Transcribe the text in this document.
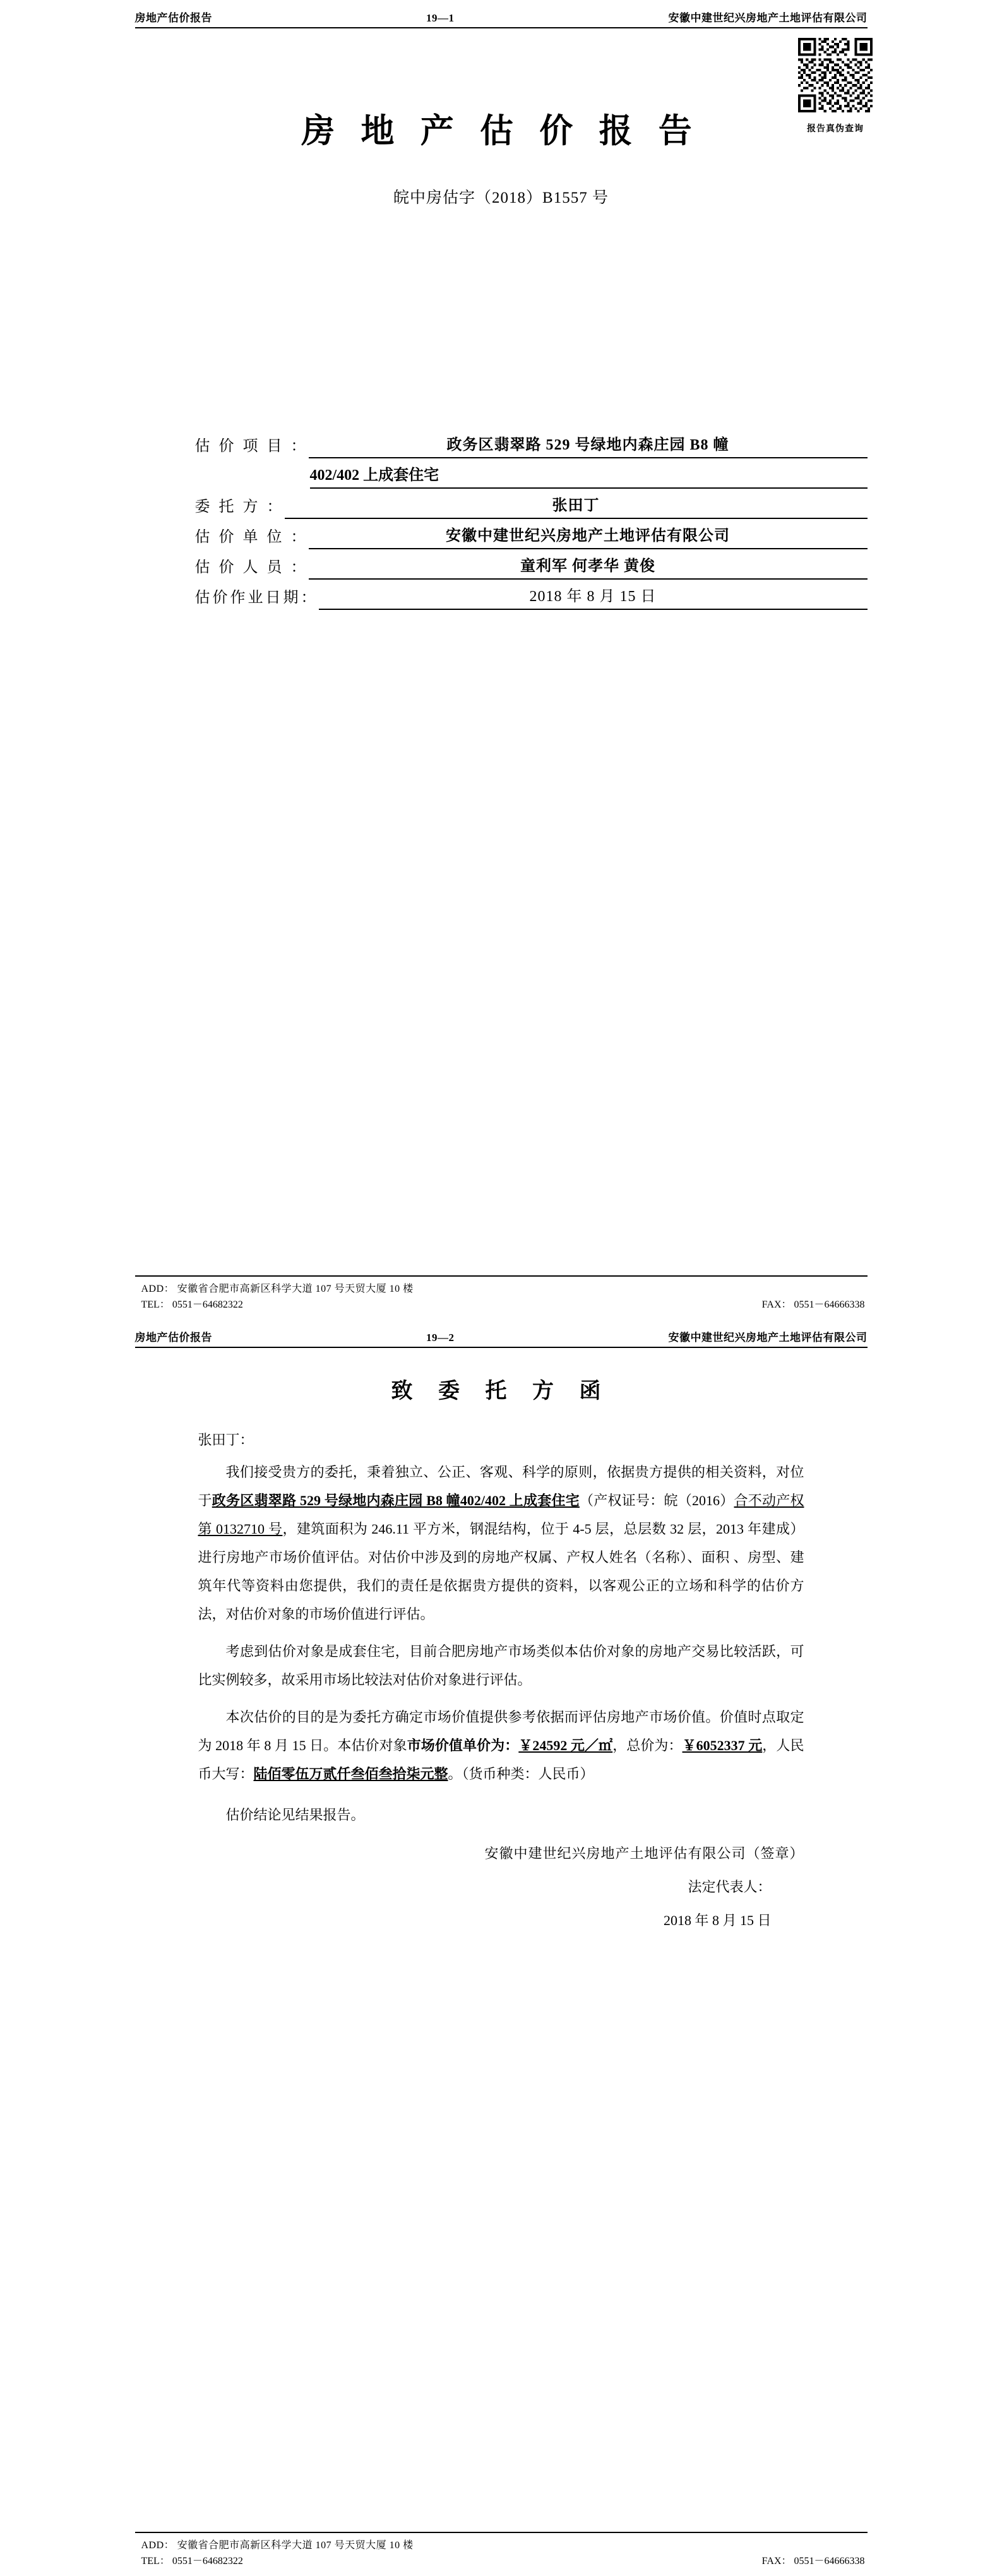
房地产估价报告	19—1	安徽中建世纪兴房地产土地评估有限公司
报告真伪查询
房 地 产 估 价 报 告
皖中房估字（2018）B1557 号
估 价 项 目 ：	政务区翡翠路 529 号绿地内森庄园 B8 幢
402/402 上成套住宅
委 托 方 ：	张田丁
估 价 单 位 ：	安徽中建世纪兴房地产土地评估有限公司
估 价 人 员 ：	童利军 何孝华 黄俊
估价作业日期：	2018 年 8 月 15 日
ADD： 安徽省合肥市高新区科学大道 107 号天贸大厦 10 楼
TEL： 0551－64682322	FAX： 0551－64666338
房地产估价报告	19—2	安徽中建世纪兴房地产土地评估有限公司
致 委 托 方 函
张田丁：

我们接受贵方的委托，秉着独立、公正、客观、科学的原则，依据贵方提供的相关资料，对位于政务区翡翠路 529 号绿地内森庄园 B8 幢402/402 上成套住宅（产权证号：皖（2016）合不动产权第 0132710 号，建筑面积为 246.11 平方米，钢混结构，位于 4-5 层，总层数 32 层，2013 年建成）进行房地产市场价值评估。对估价中涉及到的房地产权属、产权人姓名（名称）、面积 、房型、建筑年代等资料由您提供，我们的责任是依据贵方提供的资料，以客观公正的立场和科学的估价方法，对估价对象的市场价值进行评估。

考虑到估价对象是成套住宅，目前合肥房地产市场类似本估价对象的房地产交易比较活跃，可比实例较多，故采用市场比较法对估价对象进行评估。

本次估价的目的是为委托方确定市场价值提供参考依据而评估房地产市场价值。价值时点取定为 2018 年 8 月 15 日。本估价对象市场价值单价为：￥24592 元／㎡，总价为：￥6052337 元，人民币大写：陆佰零伍万贰仟叁佰叁拾柒元整。（货币种类：人民币）

估价结论见结果报告。
安徽中建世纪兴房地产土地评估有限公司（签章）
法定代表人：
2018 年 8 月 15 日
ADD： 安徽省合肥市高新区科学大道 107 号天贸大厦 10 楼
TEL： 0551－64682322	FAX： 0551－64666338
